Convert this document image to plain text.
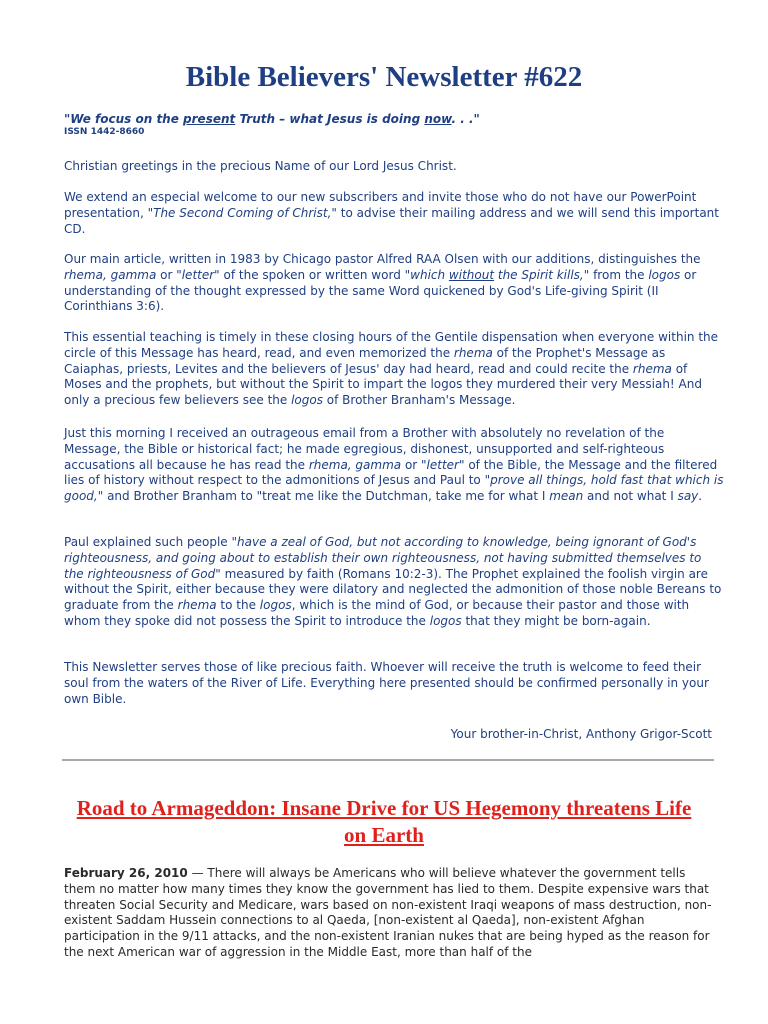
Bible Believers' Newsletter #622
"We focus on the present Truth – what Jesus is doing now. . ."
ISSN 1442-8660

Christian greetings in the precious Name of our Lord Jesus Christ.

We extend an especial welcome to our new subscribers and invite those who do not have our PowerPoint presentation, "The Second Coming of Christ," to advise their mailing address and we will send this important CD.

Our main article, written in 1983 by Chicago pastor Alfred RAA Olsen with our additions, distinguishes the rhema, gamma or "letter" of the spoken or written word "which without the Spirit kills," from the logos or understanding of the thought expressed by the same Word quickened by God's Life-giving Spirit (II Corinthians 3:6).

This essential teaching is timely in these closing hours of the Gentile dispensation when everyone within the circle of this Message has heard, read, and even memorized the rhema of the Prophet's Message as Caiaphas, priests, Levites and the believers of Jesus' day had heard, read and could recite the rhema of Moses and the prophets, but without the Spirit to impart the logos they murdered their very Messiah! And only a precious few believers see the logos of Brother Branham's Message.

Just this morning I received an outrageous email from a Brother with absolutely no revelation of the Message, the Bible or historical fact; he made egregious, dishonest, unsupported and self-righteous accusations all because he has read the rhema, gamma or "letter" of the Bible, the Message and the filtered lies of history without respect to the admonitions of Jesus and Paul to "prove all things, hold fast that which is good," and Brother Branham to "treat me like the Dutchman, take me for what I mean and not what I say.

Paul explained such people "have a zeal of God, but not according to knowledge, being ignorant of God's righteousness, and going about to establish their own righteousness, not having submitted themselves to the righteousness of God" measured by faith (Romans 10:2-3). The Prophet explained the foolish virgin are without the Spirit, either because they were dilatory and neglected the admonition of those noble Bereans to graduate from the rhema to the logos, which is the mind of God, or because their pastor and those with whom they spoke did not possess the Spirit to introduce the logos that they might be born-again.

This Newsletter serves those of like precious faith. Whoever will receive the truth is welcome to feed their soul from the waters of the River of Life. Everything here presented should be confirmed personally in your own Bible.

Your brother-in-Christ, Anthony Grigor-Scott
Road to Armageddon: Insane Drive for US Hegemony threatens Life on Earth
February 26, 2010 — There will always be Americans who will believe whatever the government tells them no matter how many times they know the government has lied to them. Despite expensive wars that threaten Social Security and Medicare, wars based on non-existent Iraqi weapons of mass destruction, non-existent Saddam Hussein connections to al Qaeda, [non-existent al Qaeda], non-existent Afghan participation in the 9/11 attacks, and the non-existent Iranian nukes that are being hyped as the reason for the next American war of aggression in the Middle East, more than half of the
